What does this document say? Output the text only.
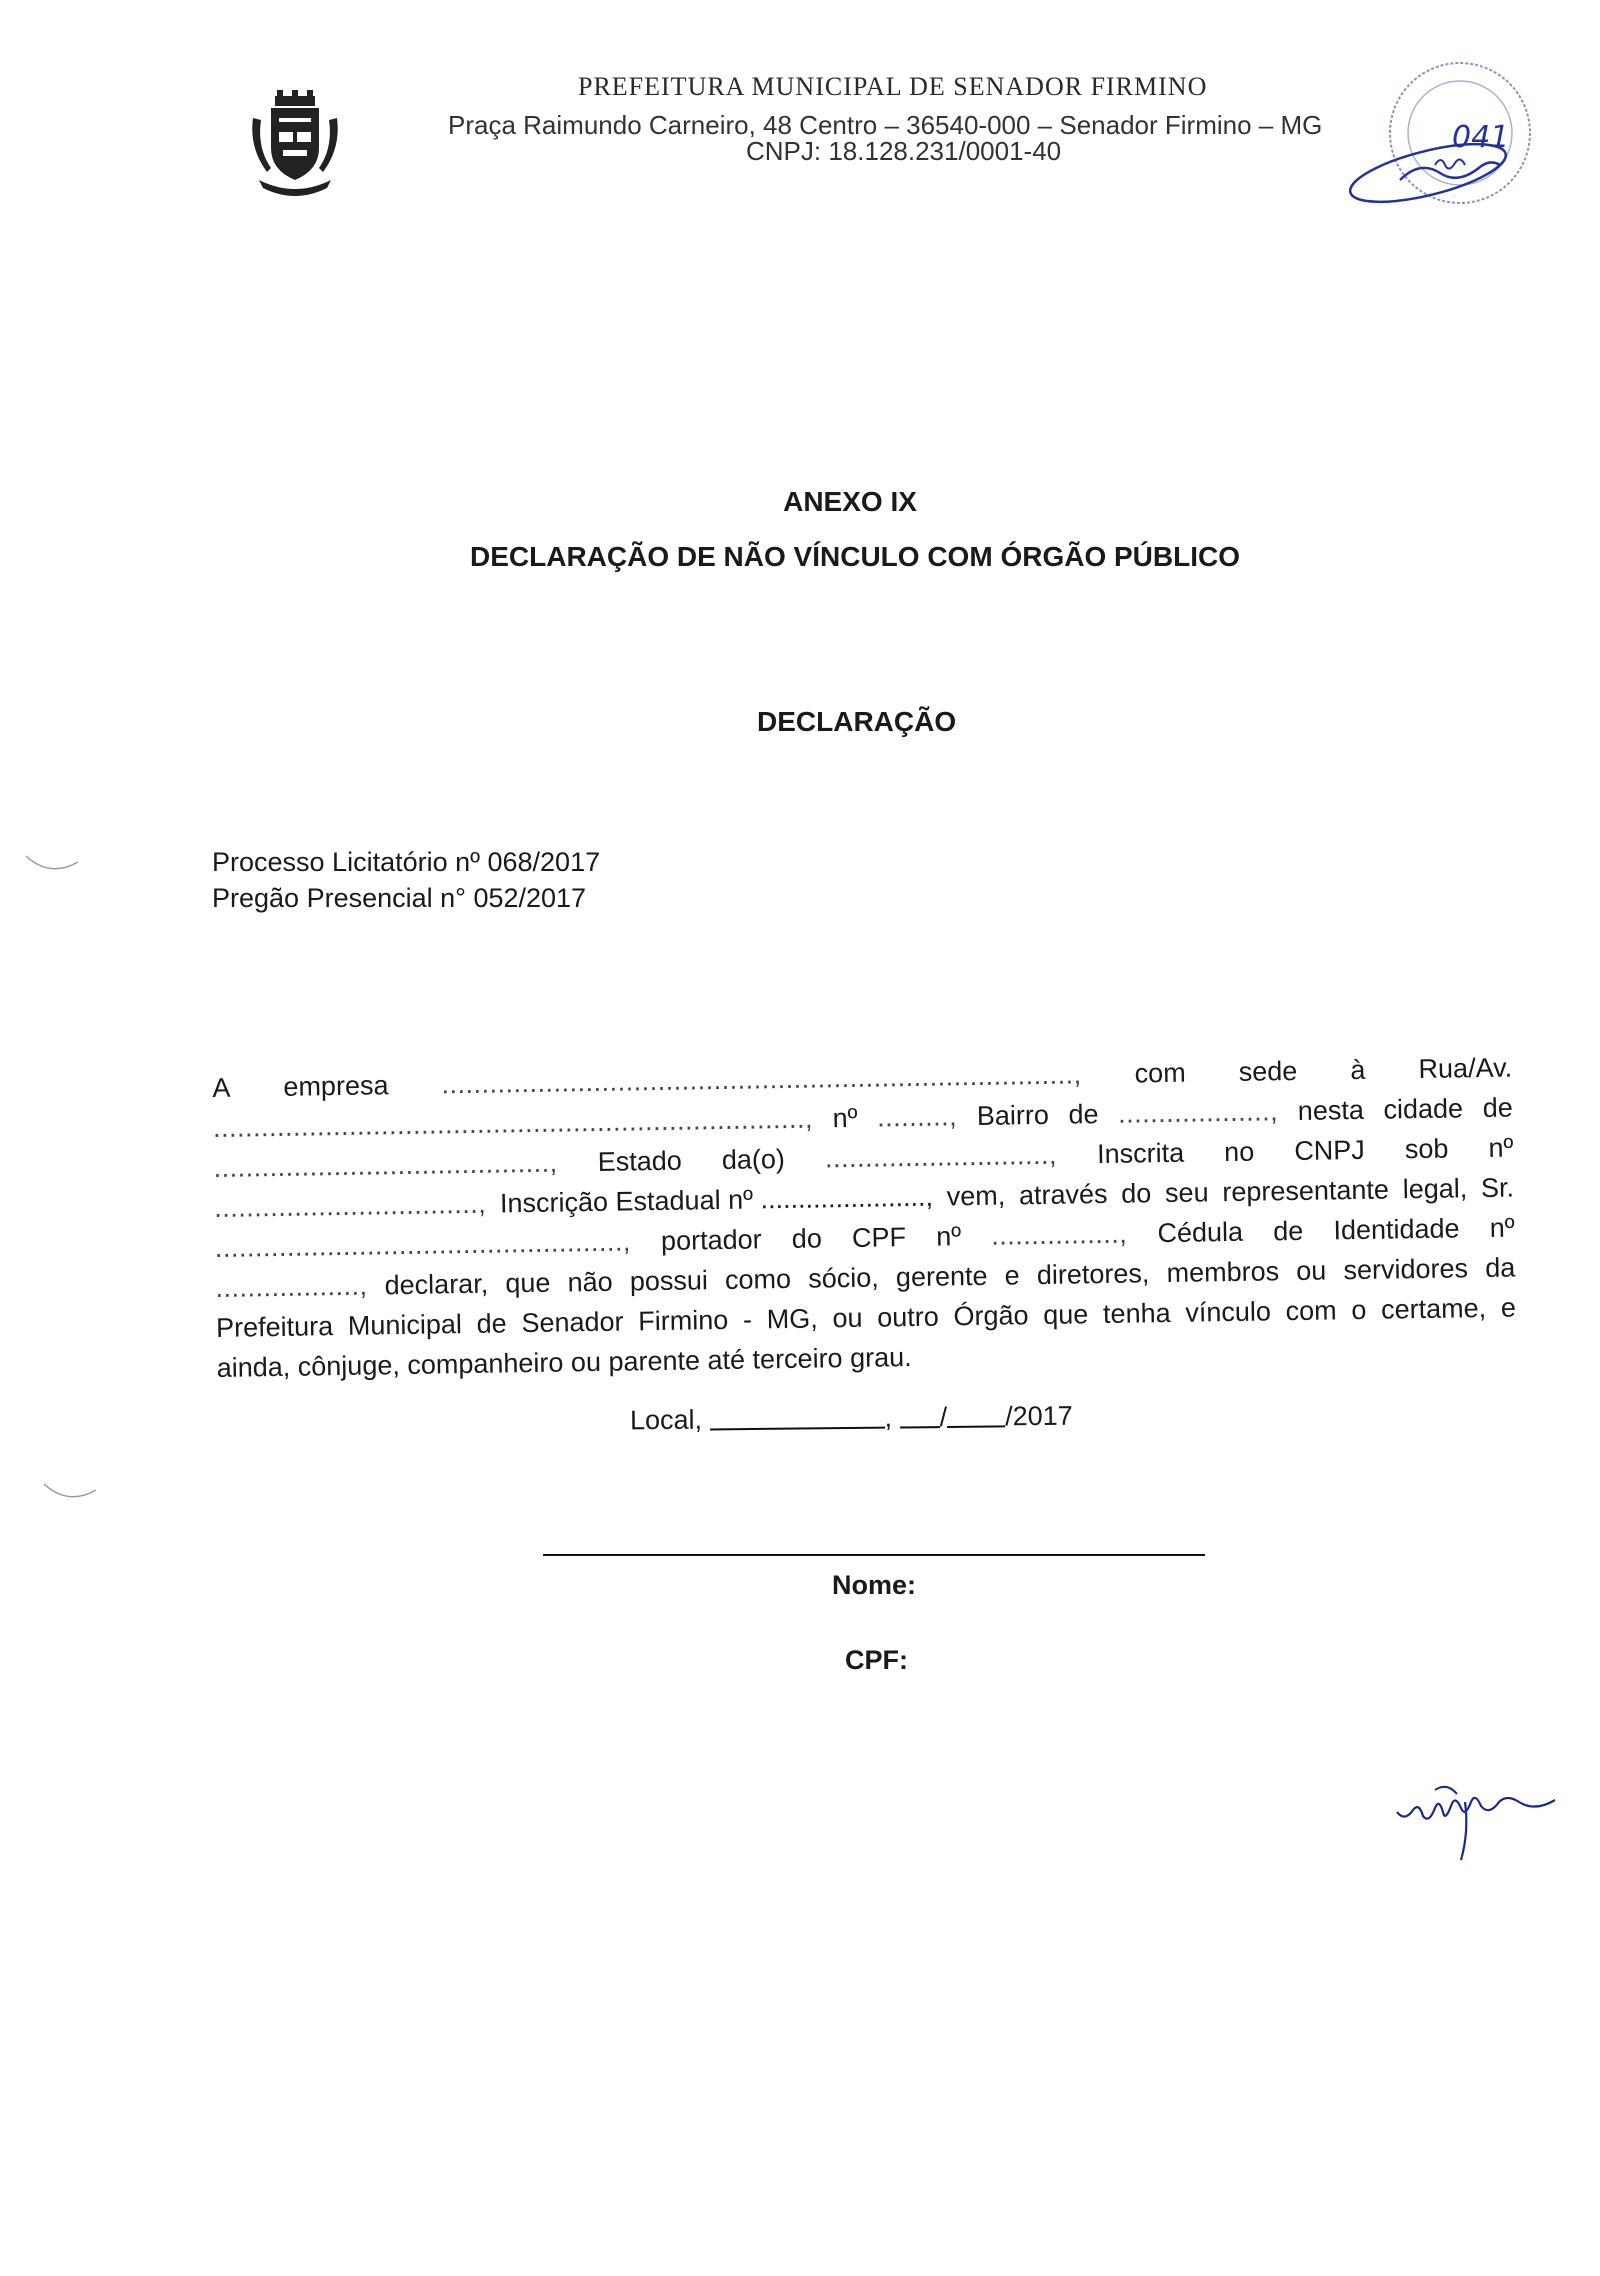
PREFEITURA MUNICIPAL DE SENADOR FIRMINO
Praça Raimundo Carneiro, 48 Centro – 36540-000 – Senador Firmino – MG
CNPJ: 18.128.231/0001-40	041
ANEXO IX
DECLARAÇÃO DE NÃO VÍNCULO COM ÓRGÃO PÚBLICO
DECLARAÇÃO
Processo Licitatório nº 068/2017
Pregão Presencial n° 052/2017
A empresa ..............................................................................., com sede à Rua/Av.
.........................................................................., nº ........., Bairro de ..................., nesta cidade de
.........................................., Estado da(o) ............................, Inscrita no CNPJ sob nº
................................., Inscrição Estadual nº ......................, vem, através do seu representante legal, Sr.
..................................................., portador do CPF nº ................, Cédula de Identidade nº
.................., declarar, que não possui como sócio, gerente e diretores, membros ou servidores da
Prefeitura Municipal de Senador Firmino - MG, ou outro Órgão que tenha vínculo com o certame, e
ainda, cônjuge, companheiro ou parente até terceiro grau.
Local,	, / /2017
Nome:
CPF:
